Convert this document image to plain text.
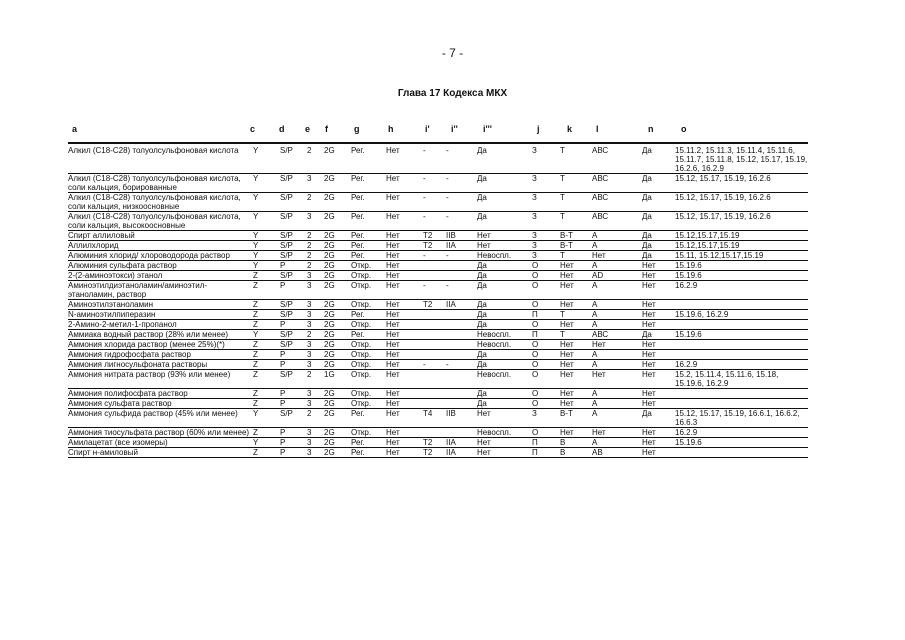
- 7 -
Глава 17 Кодекса МКХ
a	c	d e f	g	h	i' i''	i'''	j	k	l	n	o
Алкил (С18-С28) толуолсульфоновая кислота	Y	S/P	2	2G	Рег.	Нет	-	-	Да	З	Т	АВС	Да	15.11.2, 15.11.3, 15.11.4, 15.11.6, 15.11.7, 15.11.8, 15.12, 15.17, 15.19, 16.2.6, 16.2.9
Алкил (С18-С28) толуолсульфоновая кислота, соли кальция, борированные	Y	S/P	3	2G	Рег.	Нет	-	-	Да	З	Т	АВС	Да	15.12, 15.17, 15.19, 16.2.6
Алкил (С18-С28) толуолсульфоновая кислота, соли кальция, низкоосновные	Y	S/P	2	2G	Рег.	Нет	-	-	Да	З	Т	АВС	Да	15.12, 15.17, 15.19, 16.2.6
Алкил (С18-С28) толуолсульфоновая кислота, соли кальция, высокоосновные	Y	S/P	3	2G	Рег.	Нет	-	-	Да	З	Т	АВС	Да	15.12, 15.17, 15.19, 16.2.6
Спирт аллиловый	Y	S/P	2	2G	Рег.	Нет	Т2	IIB	Нет	З	В-Т	А	Да	15.12,15.17,15.19
Аллилхлорид	Y	S/P	2	2G	Рег.	Нет	Т2	IIA	Нет	З	В-Т	А	Да	15.12,15.17,15.19
Алюминия хлорид/ хлороводорода раствор	Y	S/P	2	2G	Рег.	Нет	-	-	Невоспл.	З	Т	Нет	Да	15.11, 15.12,15.17,15.19
Алюминия сульфата раствор	Y	Р	2	2G	Откр.	Нет			Да	О	Нет	А	Нет	15.19.6
2-(2-аминоэтокси) этанол	Z	S/P	3	2G	Откр.	Нет			Да	О	Нет	AD	Нет	15.19.6
Аминоэтилдиэтаноламин/аминоэтил-этаноламин, раствор	Z	Р	3	2G	Откр.	Нет	-	-	Да	О	Нет	А	Нет	16.2.9
Аминоэтилэтаноламин	Z	S/P	3	2G	Откр.	Нет	Т2	IIA	Да	О	Нет	А	Нет	
N-аминоэтилпиперазин	Z	S/P	3	2G	Рег.	Нет			Да	П	Т	А	Нет	15.19.6, 16.2.9
2-Амино-2-метил-1-пропанол	Z	Р	3	2G	Откр.	Нет			Да	О	Нет	А	Нет	
Аммиака водный раствор (28% или менее)	Y	S/P	2	2G	Рег.	Нет			Невоспл.	П	Т	АВС	Да	15.19.6
Аммония хлорида раствор (менее 25%)(*)	Z	S/P	3	2G	Откр.	Нет			Невоспл.	О	Нет	Нет	Нет	
Аммония гидрофосфата раствор	Z	Р	3	2G	Откр.	Нет			Да	О	Нет	А	Нет	
Аммония лигносульфоната растворы	Z	Р	3	2G	Откр.	Нет	-	-	Да	О	Нет	А	Нет	16.2.9
Аммония нитрата раствор (93% или менее)	Z	S/P	2	1G	Откр.	Нет			Невоспл.	О	Нет	Нет	Нет	15.2, 15.11.4, 15.11.6, 15.18, 15.19.6, 16.2.9
Аммония полифосфата раствор	Z	Р	3	2G	Откр.	Нет			Да	О	Нет	А	Нет	
Аммония сульфата раствор	Z	Р	3	2G	Откр.	Нет			Да	О	Нет	А	Нет	
Аммония сульфида раствор (45% или менее)	Y	S/P	2	2G	Рег.	Нет	Т4	IIB	Нет	З	В-Т	А	Да	15.12, 15.17, 15.19, 16.6.1, 16.6.2, 16.6.3
Аммония тиосульфата раствор (60% или менее)	Z	Р	3	2G	Откр.	Нет			Невоспл.	О	Нет	Нет	Нет	16.2.9
Амилацетат (все изомеры)	Y	Р	3	2G	Рег.	Нет	Т2	IIA	Нет	П	В	А	Нет	15.19.6
Спирт н-амиловый	Z	Р	3	2G	Рег.	Нет	Т2	IIA	Нет	П	В	АВ	Нет	
